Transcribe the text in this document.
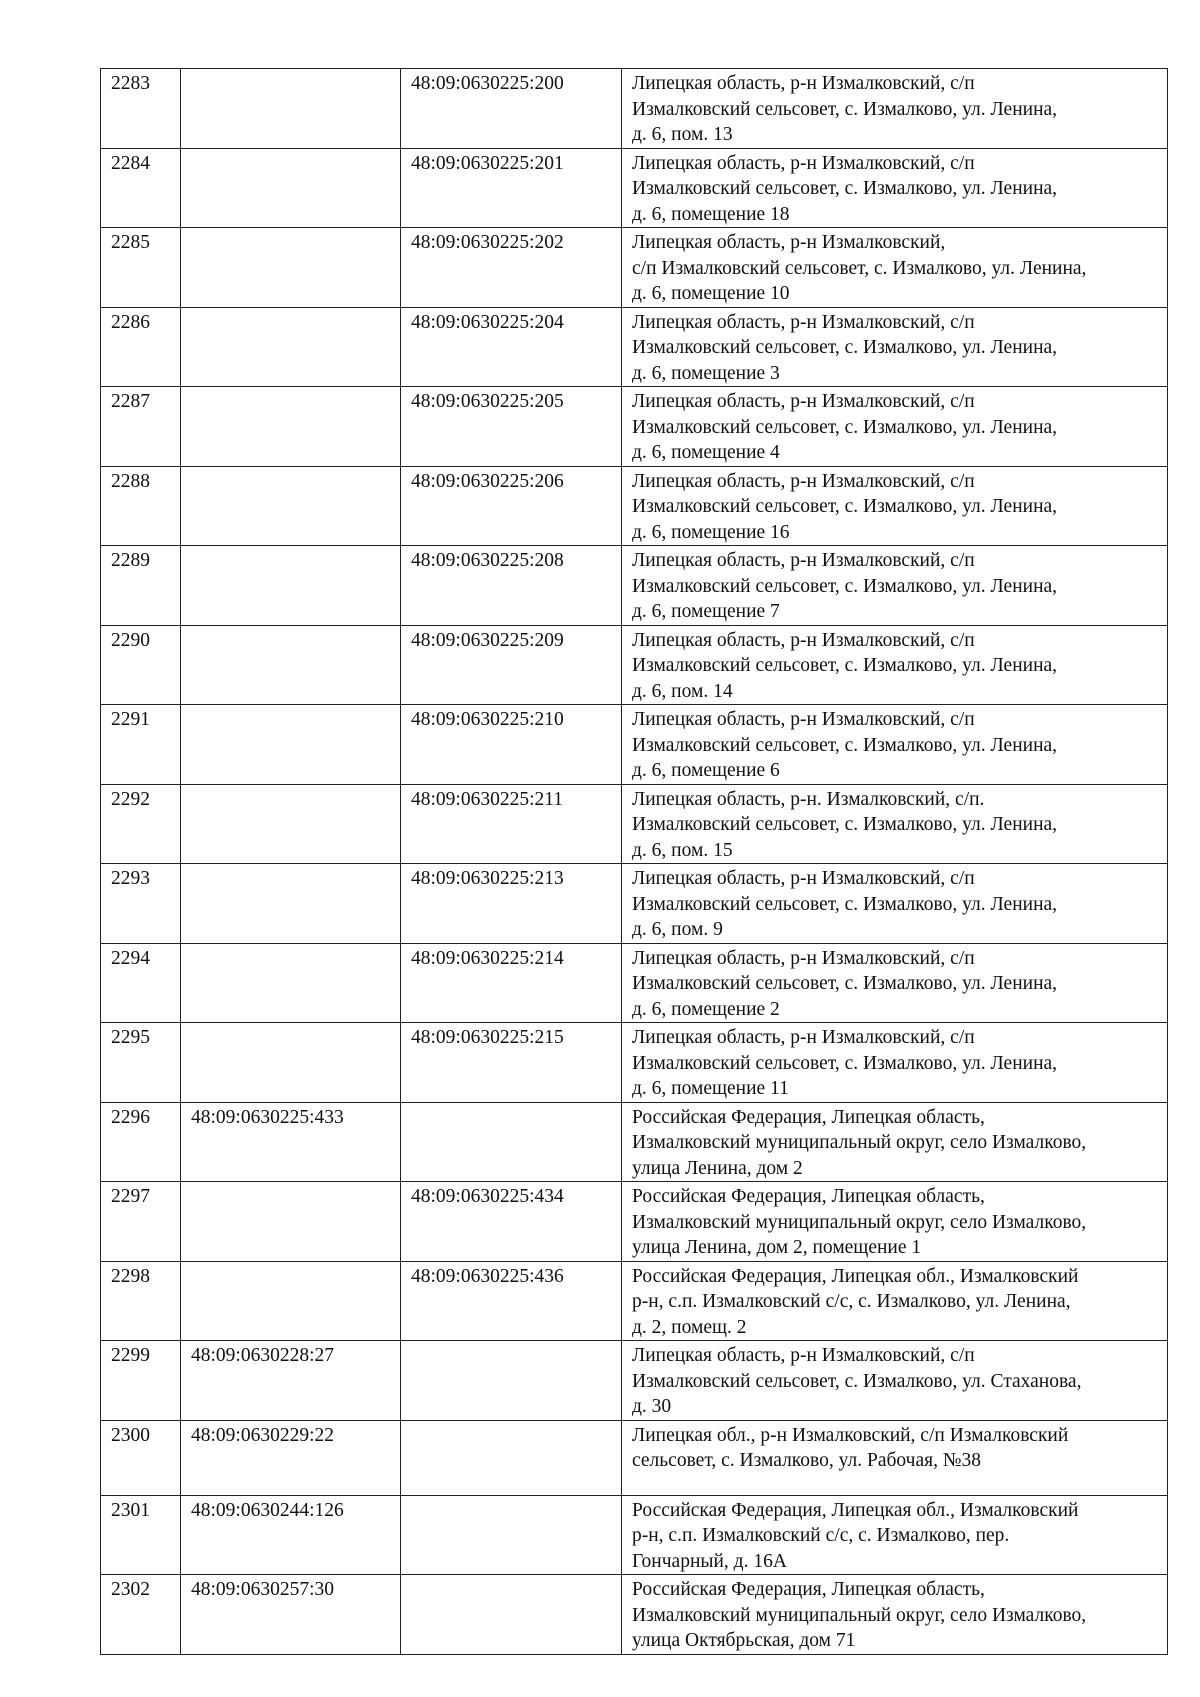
2283		48:09:0630225:200	Липецкая область, р-н Измалковский, с/п
Измалковский сельсовет, с. Измалково, ул. Ленина,
д. 6, пом. 13

2284		48:09:0630225:201	Липецкая область, р-н Измалковский, с/п
Измалковский сельсовет, с. Измалково, ул. Ленина,
д. 6, помещение 18

2285		48:09:0630225:202	Липецкая область, р-н Измалковский,
с/п Измалковский сельсовет, с. Измалково, ул. Ленина,
д. 6, помещение 10

2286		48:09:0630225:204	Липецкая область, р-н Измалковский, с/п
Измалковский сельсовет, с. Измалково, ул. Ленина,
д. 6, помещение 3

2287		48:09:0630225:205	Липецкая область, р-н Измалковский, с/п
Измалковский сельсовет, с. Измалково, ул. Ленина,
д. 6, помещение 4

2288		48:09:0630225:206	Липецкая область, р-н Измалковский, с/п
Измалковский сельсовет, с. Измалково, ул. Ленина,
д. 6, помещение 16

2289		48:09:0630225:208	Липецкая область, р-н Измалковский, с/п
Измалковский сельсовет, с. Измалково, ул. Ленина,
д. 6, помещение 7

2290		48:09:0630225:209	Липецкая область, р-н Измалковский, с/п
Измалковский сельсовет, с. Измалково, ул. Ленина,
д. 6, пом. 14

2291		48:09:0630225:210	Липецкая область, р-н Измалковский, с/п
Измалковский сельсовет, с. Измалково, ул. Ленина,
д. 6, помещение 6

2292		48:09:0630225:211	Липецкая область, р-н. Измалковский, с/п.
Измалковский сельсовет, с. Измалково, ул. Ленина,
д. 6, пом. 15

2293		48:09:0630225:213	Липецкая область, р-н Измалковский, с/п
Измалковский сельсовет, с. Измалково, ул. Ленина,
д. 6, пом. 9

2294		48:09:0630225:214	Липецкая область, р-н Измалковский, с/п
Измалковский сельсовет, с. Измалково, ул. Ленина,
д. 6, помещение 2

2295		48:09:0630225:215	Липецкая область, р-н Измалковский, с/п
Измалковский сельсовет, с. Измалково, ул. Ленина,
д. 6, помещение 11

2296	48:09:0630225:433		Российская Федерация, Липецкая область,
Измалковский муниципальный округ, село Измалково,
улица Ленина, дом 2

2297		48:09:0630225:434	Российская Федерация, Липецкая область,
Измалковский муниципальный округ, село Измалково,
улица Ленина, дом 2, помещение 1

2298		48:09:0630225:436	Российская Федерация, Липецкая обл., Измалковский
р-н, с.п. Измалковский с/с, с. Измалково, ул. Ленина,
д. 2, помещ. 2

2299	48:09:0630228:27		Липецкая область, р-н Измалковский, с/п
Измалковский сельсовет, с. Измалково, ул. Стаханова,
д. 30

2300	48:09:0630229:22		Липецкая обл., р-н Измалковский, с/п Измалковский
сельсовет, с. Измалково, ул. Рабочая, №38

2301	48:09:0630244:126		Российская Федерация, Липецкая обл., Измалковский
р-н, с.п. Измалковский с/с, с. Измалково, пер.
Гончарный, д. 16А

2302	48:09:0630257:30		Российская Федерация, Липецкая область,
Измалковский муниципальный округ, село Измалково,
улица Октябрьская, дом 71
